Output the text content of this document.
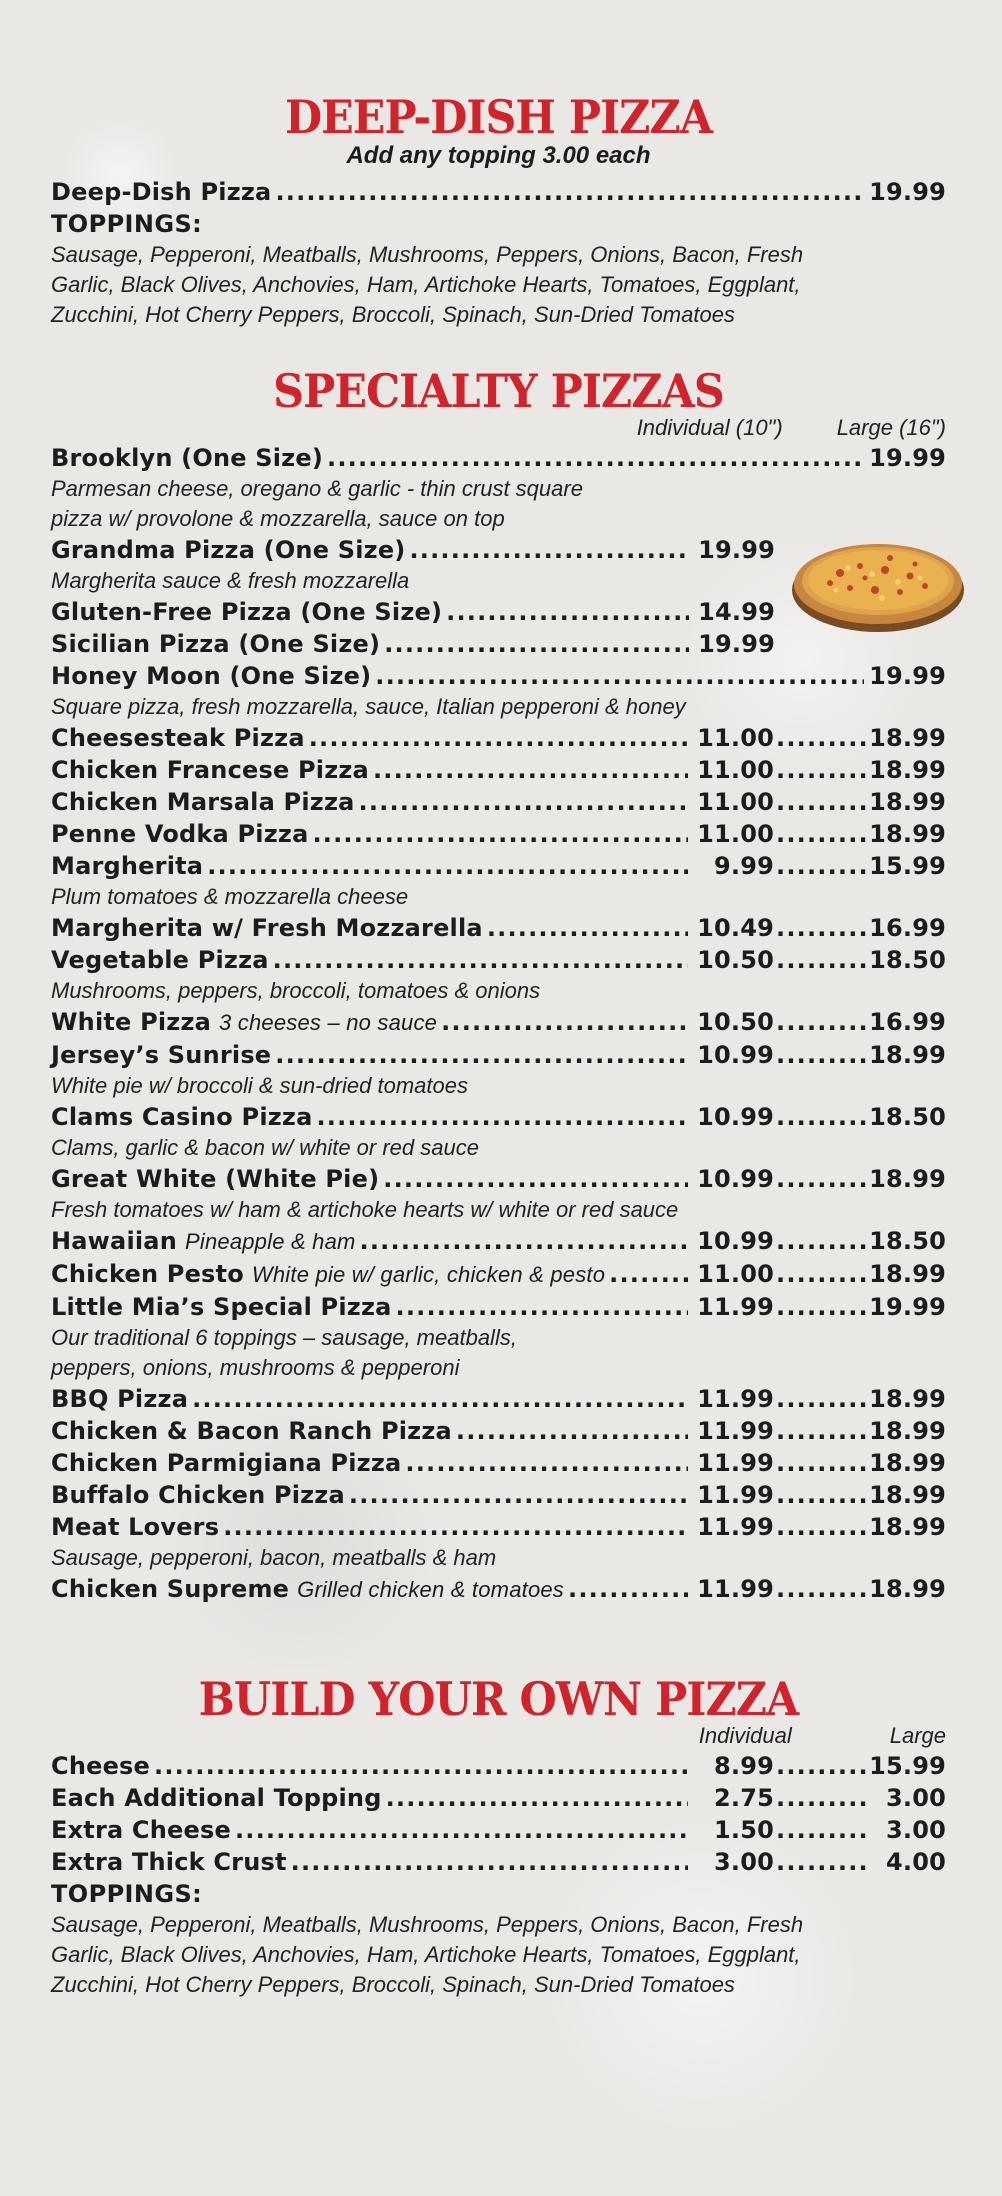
DEEP-DISH PIZZA
Add any topping 3.00 each
Deep-Dish Pizza .....	19.99
TOPPINGS:

Sausage, Pepperoni, Meatballs, Mushrooms, Peppers, Onions, Bacon, Fresh

Garlic, Black Olives, Anchovies, Ham, Artichoke Hearts, Tomatoes, Eggplant,

Zucchini, Hot Cherry Peppers, Broccoli, Spinach, Sun-Dried Tomatoes

SPECIALTY PIZZAS
Individual (10") Large (16")
Brooklyn (One Size) .....	19.99

Parmesan cheese, oregano & garlic - thin crust square

pizza w/ provolone & mozzarella, sauce on top

Grandma Pizza (One Size) .....	19.99

Margherita sauce & fresh mozzarella

Gluten-Free Pizza (One Size) .....	14.99
Sicilian Pizza (One Size) .....	19.99
Honey Moon (One Size) .....	19.99

Square pizza, fresh mozzarella, sauce, Italian pepperoni & honey

Cheesesteak Pizza .....	11.00 .....	18.99
Chicken Francese Pizza .....	11.00 .....	18.99
Chicken Marsala Pizza .....	11.00 .....	18.99
Penne Vodka Pizza .....	11.00 .....	18.99
Margherita .....	9.99 .....	15.99

Plum tomatoes & mozzarella cheese

Margherita w/ Fresh Mozzarella .....	10.49 .....	16.99
Vegetable Pizza .....	10.50 .....	18.50

Mushrooms, peppers, broccoli, tomatoes & onions

White Pizza 3 cheeses – no sauce .....	10.50 .....	16.99
Jersey’s Sunrise .....	10.99 .....	18.99

White pie w/ broccoli & sun-dried tomatoes

Clams Casino Pizza .....	10.99 .....	18.50

Clams, garlic & bacon w/ white or red sauce

Great White (White Pie) .....	10.99 .....	18.99

Fresh tomatoes w/ ham & artichoke hearts w/ white or red sauce

Hawaiian Pineapple & ham .....	10.99 .....	18.50
Chicken Pesto White pie w/ garlic, chicken & pesto .....	11.00 .....	18.99
Little Mia’s Special Pizza .....	11.99 .....	19.99

Our traditional 6 toppings – sausage, meatballs,

peppers, onions, mushrooms & pepperoni

BBQ Pizza .....	11.99 .....	18.99
Chicken & Bacon Ranch Pizza .....	11.99 .....	18.99
Chicken Parmigiana Pizza .....	11.99 .....	18.99
Buffalo Chicken Pizza .....	11.99 .....	18.99
Meat Lovers .....	11.99 .....	18.99

Sausage, pepperoni, bacon, meatballs & ham

Chicken Supreme Grilled chicken & tomatoes .....	11.99 .....	18.99
BUILD YOUR OWN PIZZA
Individual	Large
Cheese .....	8.99 .....	15.99
Each Additional Topping .....	2.75 .....	3.00
Extra Cheese .....	1.50 .....	3.00
Extra Thick Crust .....	3.00 .....	4.00
TOPPINGS:

Sausage, Pepperoni, Meatballs, Mushrooms, Peppers, Onions, Bacon, Fresh

Garlic, Black Olives, Anchovies, Ham, Artichoke Hearts, Tomatoes, Eggplant,

Zucchini, Hot Cherry Peppers, Broccoli, Spinach, Sun-Dried Tomatoes
